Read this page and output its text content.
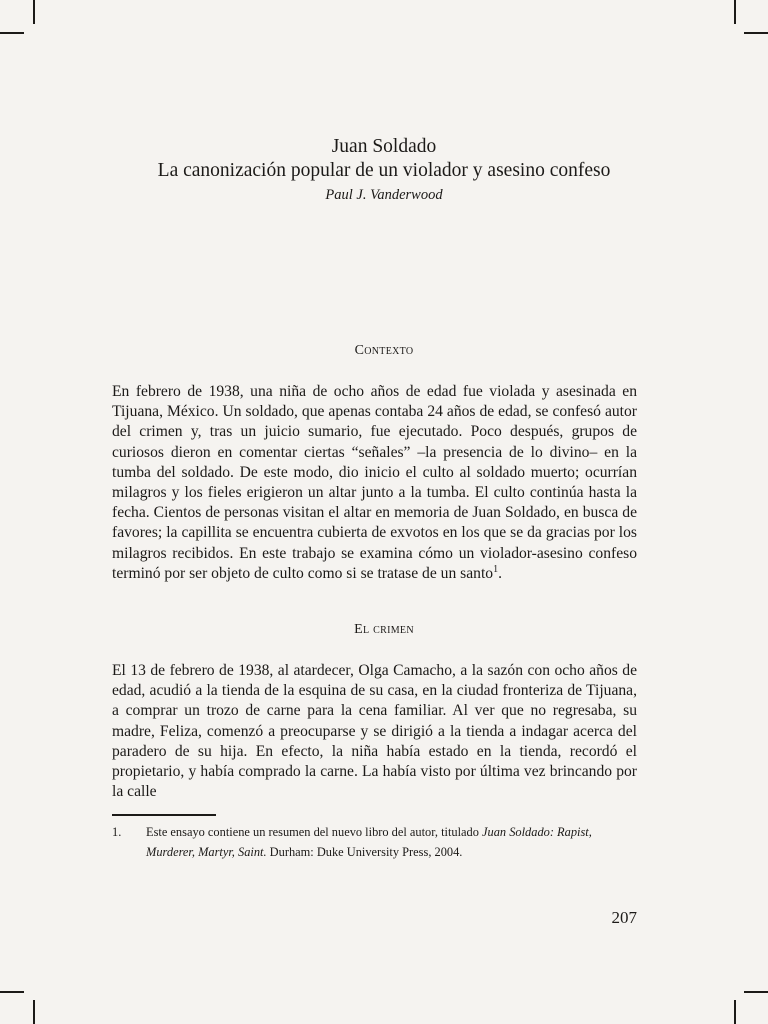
Juan Soldado
La canonización popular de un violador y asesino confeso
Paul J. Vanderwood
Contexto

En febrero de 1938, una niña de ocho años de edad fue violada y asesinada en Tijuana, México. Un soldado, que apenas contaba 24 años de edad, se confesó autor del crimen y, tras un juicio sumario, fue ejecutado. Poco después, grupos de curiosos dieron en comentar ciertas “señales” –la presencia de lo divino– en la tumba del soldado. De este modo, dio inicio el culto al soldado muerto; ocurrían milagros y los fieles erigieron un altar junto a la tumba. El culto continúa hasta la fecha. Cientos de personas visitan el altar en memoria de Juan Soldado, en busca de favores; la capillita se encuentra cubierta de exvotos en los que se da gracias por los milagros recibidos. En este trabajo se examina cómo un violador-asesino confeso terminó por ser objeto de culto como si se tratase de un santo$^1$.

El crimen

El 13 de febrero de 1938, al atardecer, Olga Camacho, a la sazón con ocho años de edad, acudió a la tienda de la esquina de su casa, en la ciudad fronteriza de Tijuana, a comprar un trozo de carne para la cena familiar. Al ver que no regresaba, su madre, Feliza, comenzó a preocuparse y se dirigió a la tienda a indagar acerca del paradero de su hija. En efecto, la niña había estado en la tienda, recordó el propietario, y había comprado la carne. La había visto por última vez brincando por la calle

1.	Este ensayo contiene un resumen del nuevo libro del autor, titulado Juan Soldado: Rapist, Murderer, Martyr, Saint. Durham: Duke University Press, 2004.
207
